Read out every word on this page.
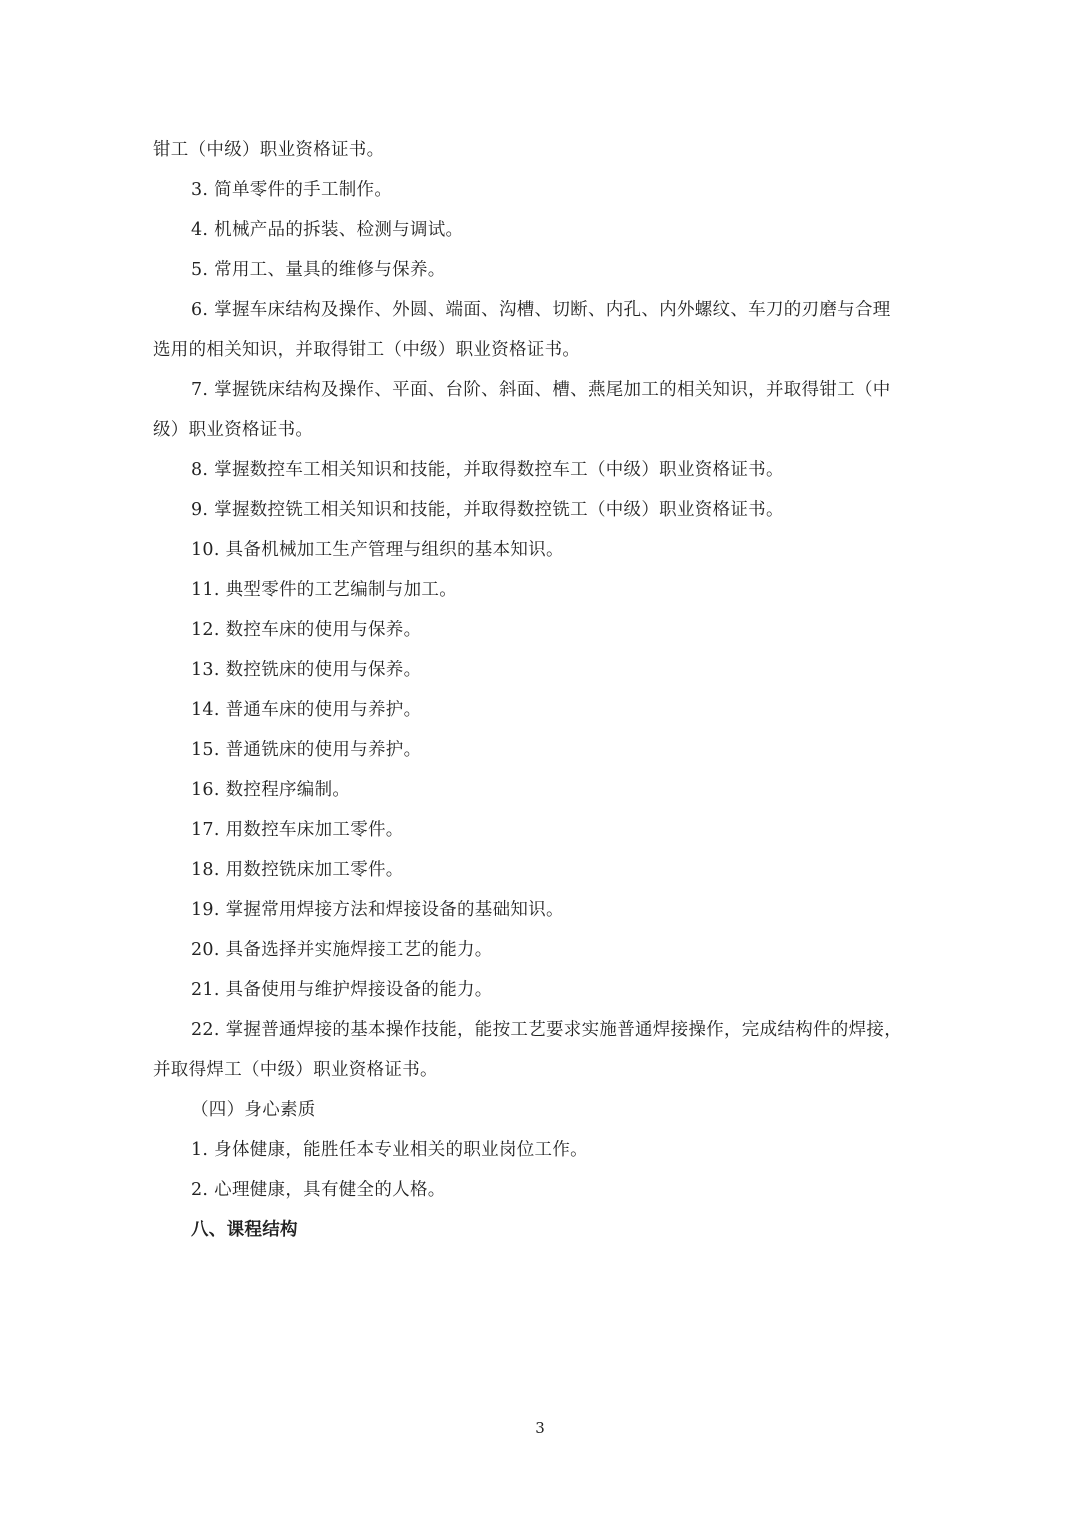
钳工（中级）职业资格证书。
3. 简单零件的手工制作。
4. 机械产品的拆装、检测与调试。
5. 常用工、量具的维修与保养。
6. 掌握车床结构及操作、外圆、端面、沟槽、切断、内孔、内外螺纹、车刀的刃磨与合理
选用的相关知识，并取得钳工（中级）职业资格证书。
7. 掌握铣床结构及操作、平面、台阶、斜面、槽、燕尾加工的相关知识，并取得钳工（中
级）职业资格证书。
8. 掌握数控车工相关知识和技能，并取得数控车工（中级）职业资格证书。
9. 掌握数控铣工相关知识和技能，并取得数控铣工（中级）职业资格证书。
10. 具备机械加工生产管理与组织的基本知识。
11. 典型零件的工艺编制与加工。
12. 数控车床的使用与保养。
13. 数控铣床的使用与保养。
14. 普通车床的使用与养护。
15. 普通铣床的使用与养护。
16. 数控程序编制。
17. 用数控车床加工零件。
18. 用数控铣床加工零件。
19. 掌握常用焊接方法和焊接设备的基础知识。
20. 具备选择并实施焊接工艺的能力。
21. 具备使用与维护焊接设备的能力。
22. 掌握普通焊接的基本操作技能，能按工艺要求实施普通焊接操作，完成结构件的焊接，
并取得焊工（中级）职业资格证书。
（四）身心素质
1. 身体健康，能胜任本专业相关的职业岗位工作。
2. 心理健康，具有健全的人格。
八、课程结构
3
